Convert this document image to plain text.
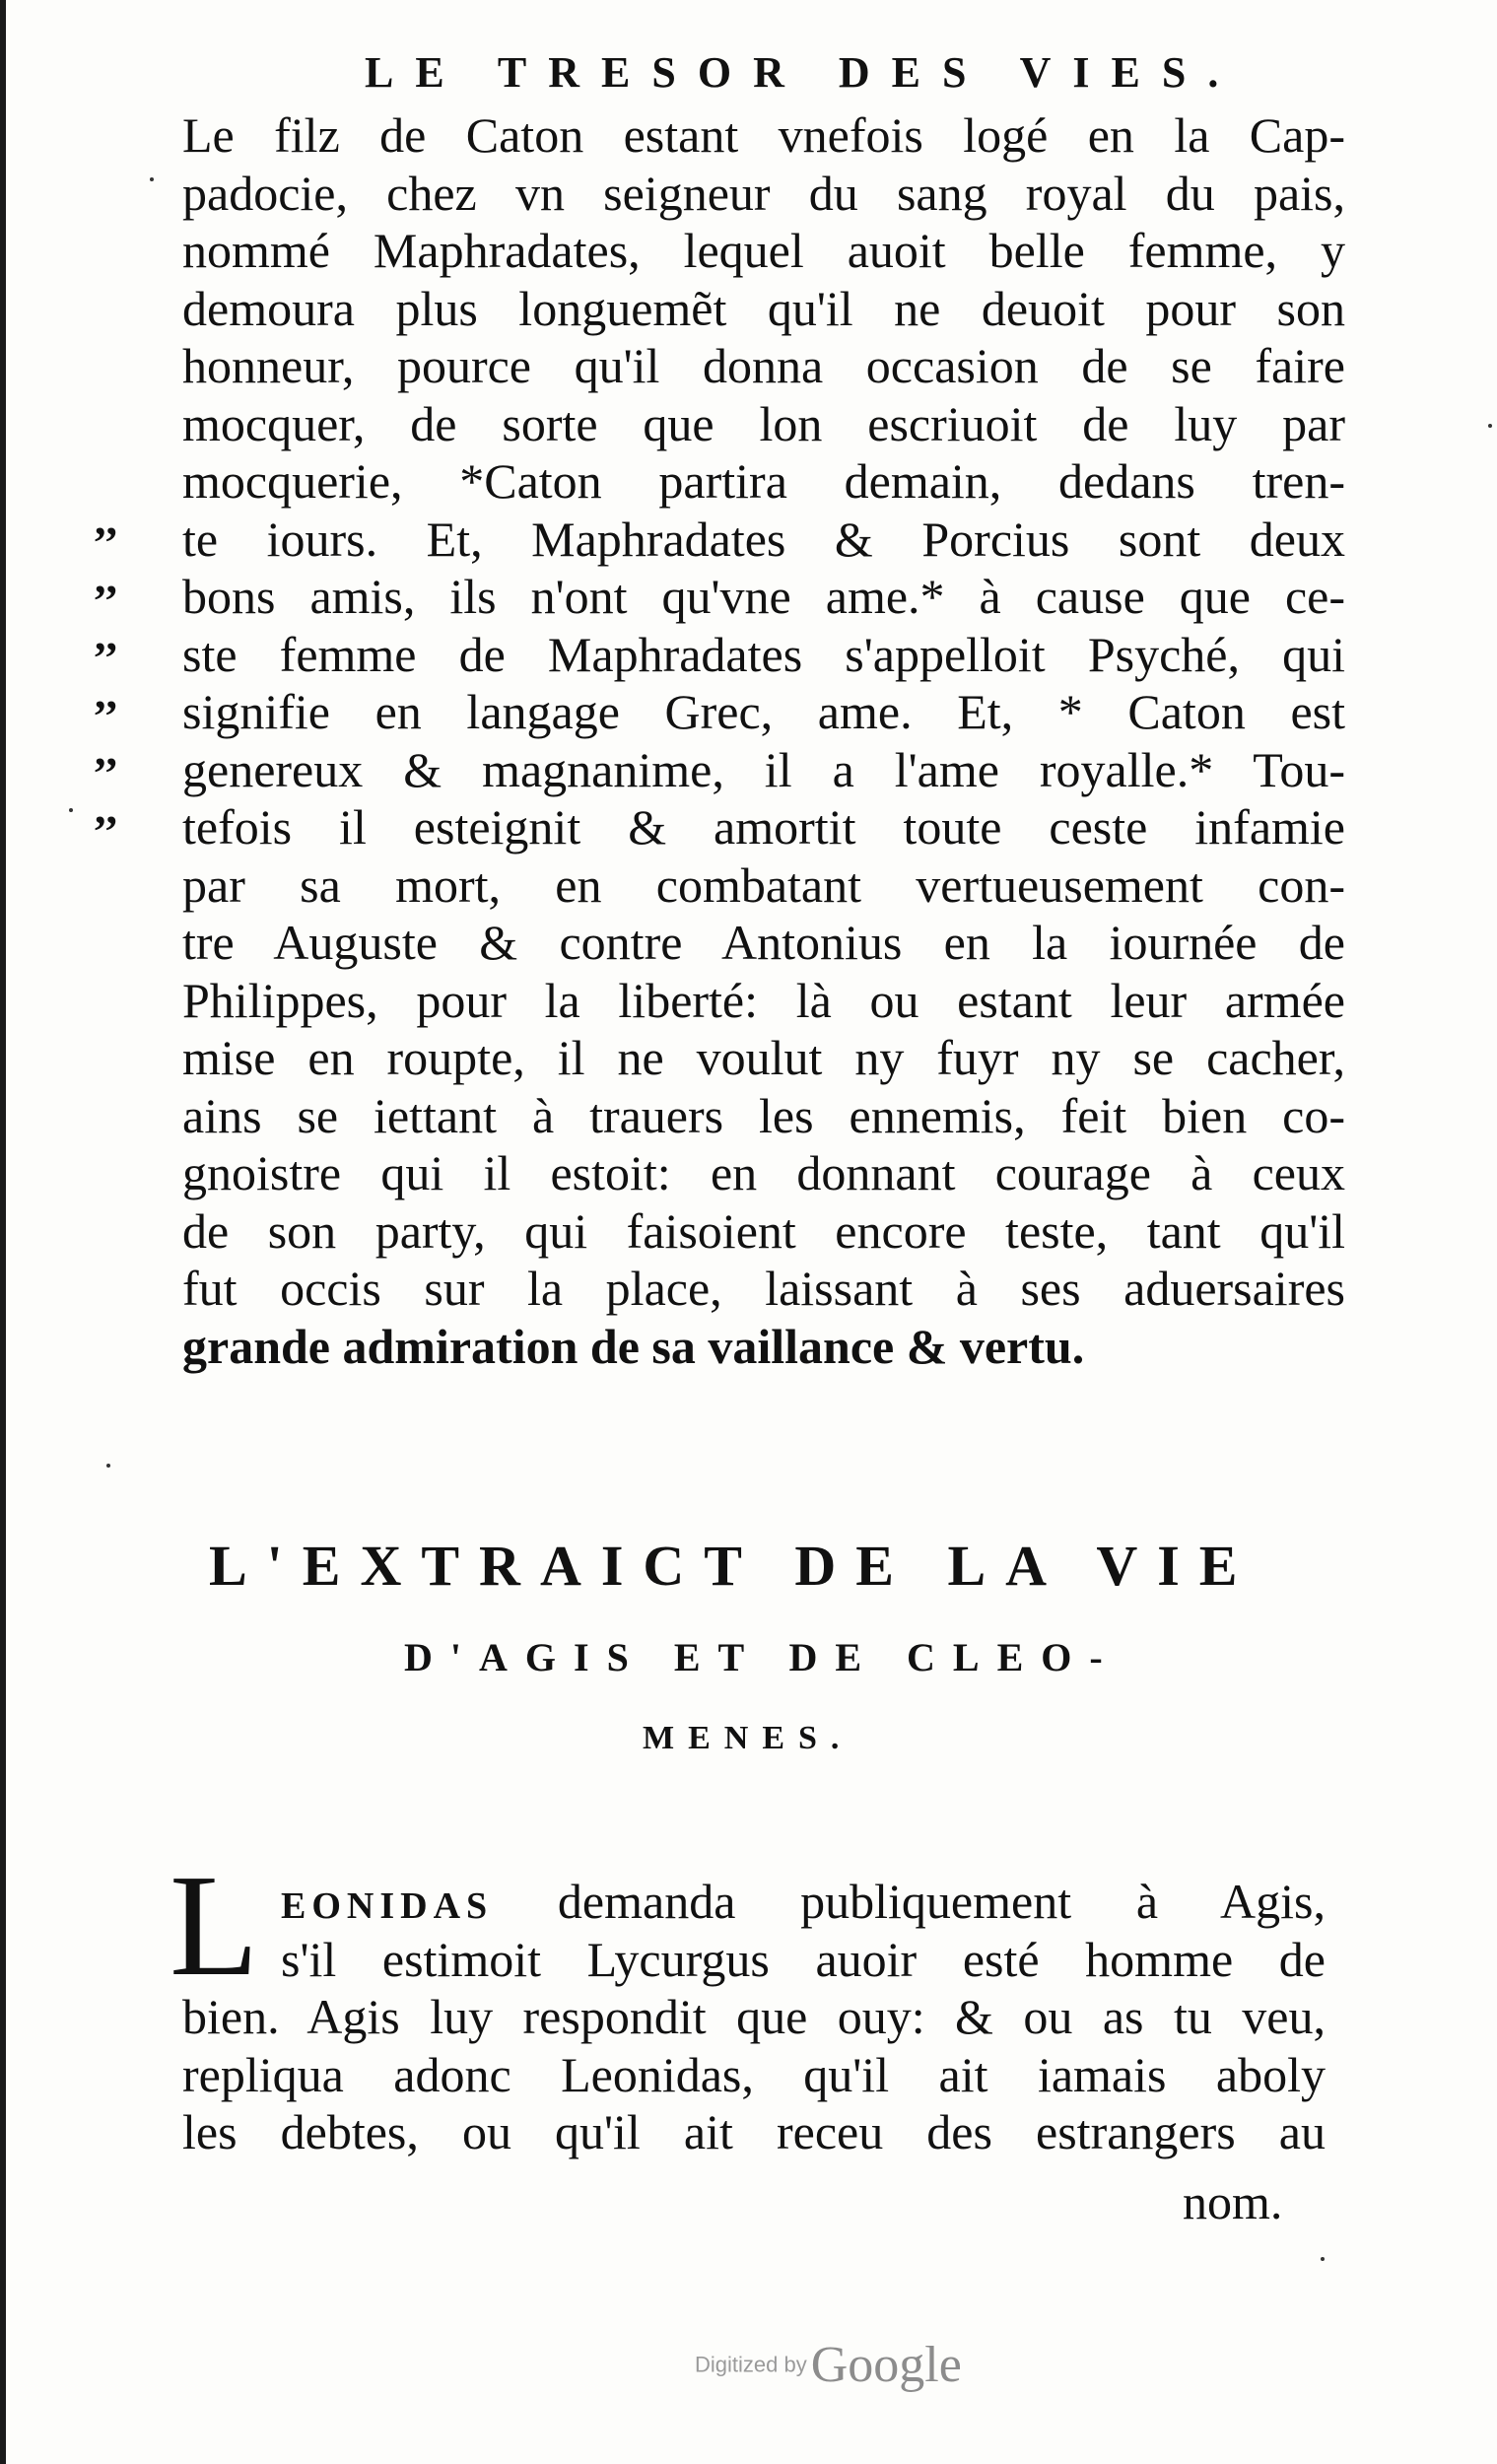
LE TRESOR DES VIES.
,,
,,
,,
,,
,,
,,
Le filz de Caton estant vnefois logé en la Cap-
padocie, chez vn seigneur du sang royal du pais,
nommé Maphradates, lequel auoit belle femme, y
demoura plus longuemẽt qu'il ne deuoit pour son
honneur, pource qu'il donna occasion de se faire
mocquer, de sorte que lon escriuoit de luy par
mocquerie, *Caton partira demain, dedans tren-
te iours. Et, Maphradates & Porcius sont deux
bons amis, ils n'ont qu'vne ame.* à cause que ce-
ste femme de Maphradates s'appelloit Psyché, qui
signifie en langage Grec, ame. Et, * Caton est
genereux & magnanime, il a l'ame royalle.* Tou-
tefois il esteignit & amortit toute ceste infamie
par sa mort, en combatant vertueusement con-
tre Auguste & contre Antonius en la iournée de
Philippes, pour la liberté: là ou estant leur armée
mise en roupte, il ne voulut ny fuyr ny se cacher,
ains se iettant à trauers les ennemis, feit bien co-
gnoistre qui il estoit: en donnant courage à ceux
de son party, qui faisoient encore teste, tant qu'il
fut occis sur la place, laissant à ses aduersaires
grande admiration de sa vaillance & vertu.
L'EXTRAICT DE LA VIE
D'AGIS ET DE CLEO-
MENES.
L EONIDAS demanda publiquement à Agis,
s'il estimoit Lycurgus auoir esté homme de
bien. Agis luy respondit que ouy: & ou as tu veu,
repliqua adonc Leonidas, qu'il ait iamais aboly
les debtes, ou qu'il ait receu des estrangers au
nom.
Digitized by Google
